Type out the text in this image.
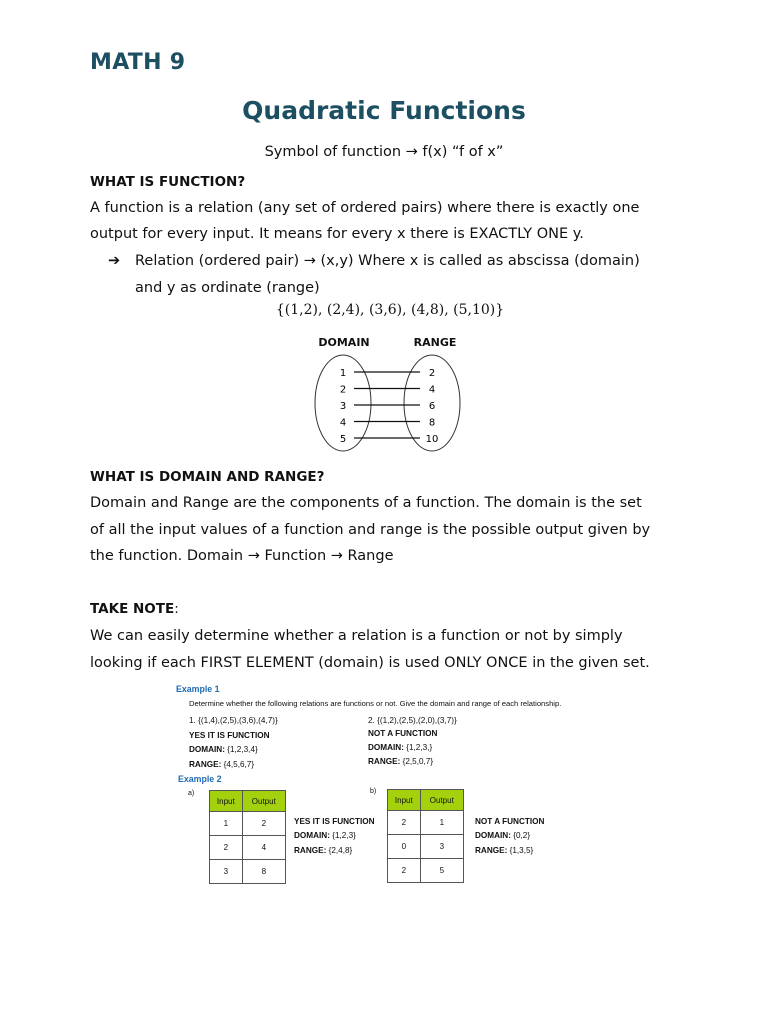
MATH 9
Quadratic Functions
Symbol of function → f(x) “f of x”
WHAT IS FUNCTION?
A function is a relation (any set of ordered pairs) where there is exactly one
output for every input. It means for every x there is EXACTLY ONE y.
➔ Relation (ordered pair) → (x,y) Where x is called as abscissa (domain)
and y as ordinate (range)
{(1,2), (2,4), (3,6), (4,8), (5,10)}
DOMAIN	RANGE
1	2
2	4
3	6
4	8
5	10
WHAT IS DOMAIN AND RANGE?
Domain and Range are the components of a function. The domain is the set
of all the input values of a function and range is the possible output given by
the function. Domain → Function → Range
TAKE NOTE:
We can easily determine whether a relation is a function or not by simply
looking if each FIRST ELEMENT (domain) is used ONLY ONCE in the given set.
Example 1
Determine whether the following relations are functions or not. Give the domain and range of each relationship.
1. {(1,4),(2,5),(3,6),(4,7)}
YES IT IS FUNCTION
DOMAIN: {1,2,3,4}
RANGE: {4,5,6,7}
2. {(1,2),(2,5),(2,0),(3,7)}
NOT A FUNCTION
DOMAIN: {1,2,3,}
RANGE: {2,5,0,7}
Example 2
a)
Input	Output
1	2
2	4
3	8
YES IT IS FUNCTION
DOMAIN: {1,2,3}
RANGE: {2,4,8}
b)
Input	Output
2	1
0	3
2	5
NOT A FUNCTION
DOMAIN: {0,2}
RANGE: {1,3,5}
